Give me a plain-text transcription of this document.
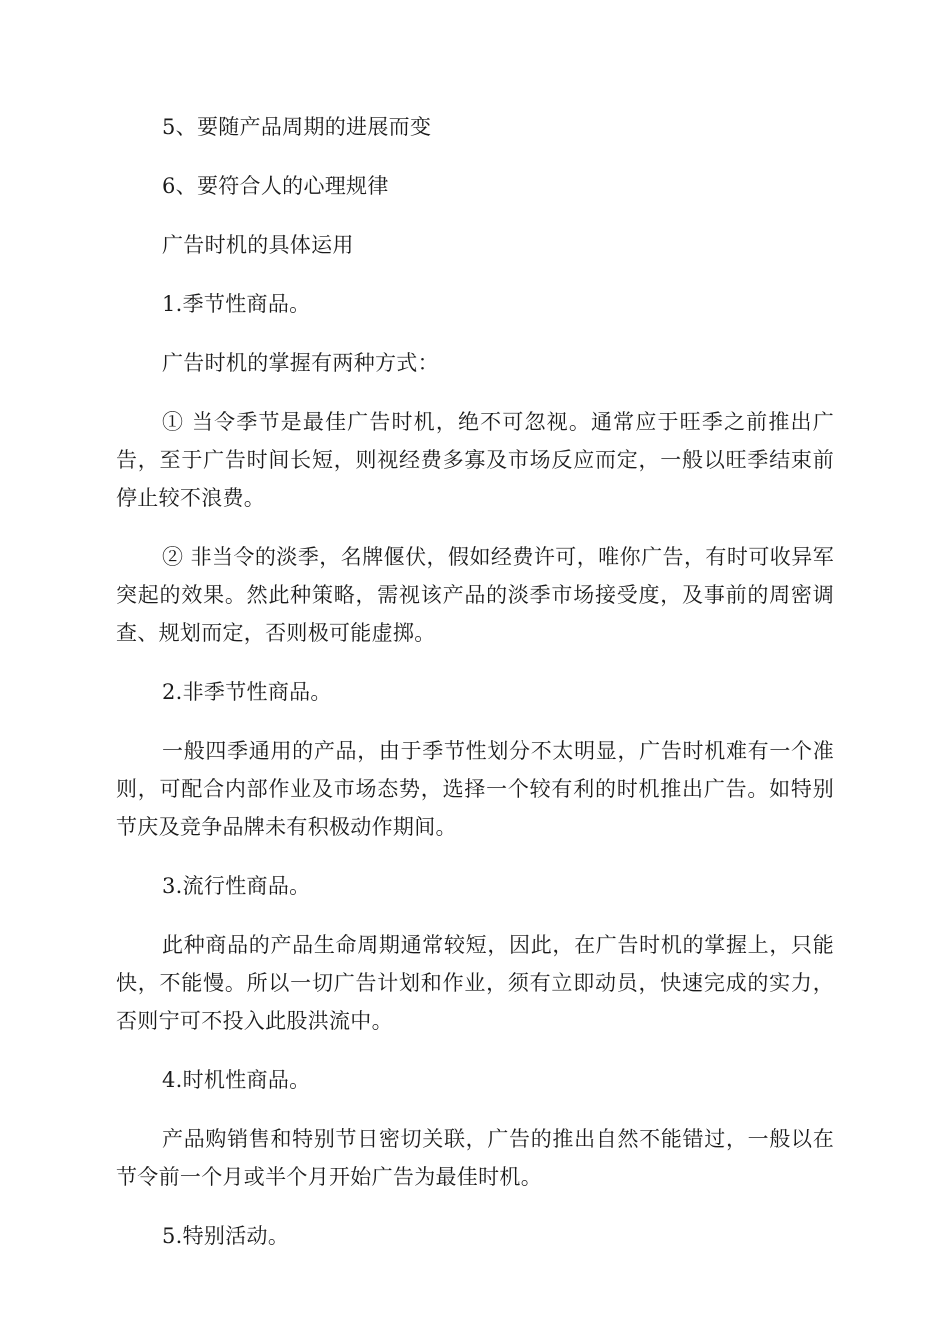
5、要随产品周期的进展而变

6、要符合人的心理规律

广告时机的具体运用

1.季节性商品。

广告时机的掌握有两种方式：

① 当令季节是最佳广告时机，绝不可忽视。通常应于旺季之前推出广告，至于广告时间长短，则视经费多寡及市场反应而定，一般以旺季结束前停止较不浪费。

② 非当令的淡季，名牌偃伏，假如经费许可，唯你广告，有时可收异军突起的效果。然此种策略，需视该产品的淡季市场接受度，及事前的周密调查、规划而定，否则极可能虚掷。

2.非季节性商品。

一般四季通用的产品，由于季节性划分不太明显，广告时机难有一个准则，可配合内部作业及市场态势，选择一个较有利的时机推出广告。如特别节庆及竞争品牌未有积极动作期间。

3.流行性商品。

此种商品的产品生命周期通常较短，因此，在广告时机的掌握上，只能快，不能慢。所以一切广告计划和作业，须有立即动员，快速完成的实力，否则宁可不投入此股洪流中。

4.时机性商品。

产品购销售和特别节日密切关联，广告的推出自然不能错过，一般以在节令前一个月或半个月开始广告为最佳时机。

5.特别活动。
